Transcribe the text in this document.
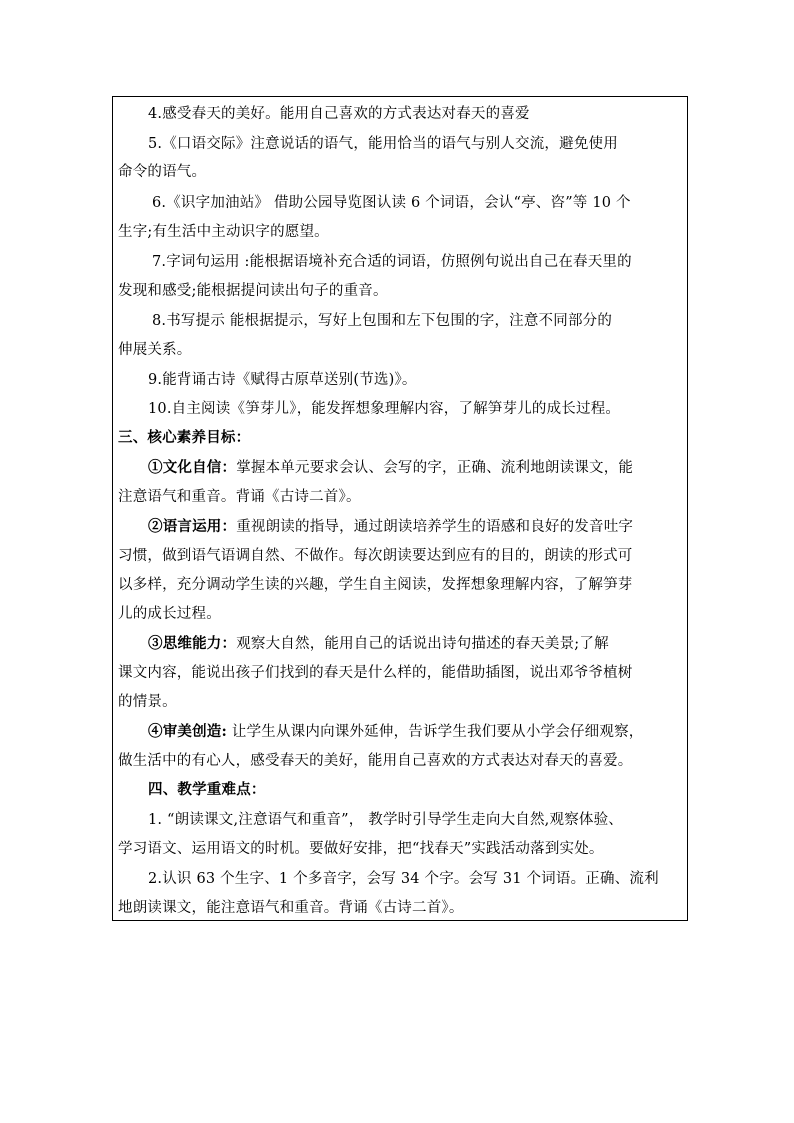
4.感受春天的美好。能用自己喜欢的方式表达对春天的喜爱
5.《口语交际》注意说话的语气，能用恰当的语气与别人交流，避免使用
命令的语气。
6.《识字加油站》 借助公园导览图认读 6 个词语，会认“亭、咨”等 10 个
生字;有生活中主动识字的愿望。
7.字词句运用 :能根据语境补充合适的词语，仿照例句说出自己在春天里的
发现和感受;能根据提问读出句子的重音。
8.书写提示 能根据提示，写好上包围和左下包围的字，注意不同部分的
伸展关系。
9.能背诵古诗《赋得古原草送别(节选)》。
10.自主阅读《笋芽儿》，能发挥想象理解内容，了解笋芽儿的成长过程。
三、核心素养目标：
①文化自信：掌握本单元要求会认、会写的字，正确、流利地朗读课文，能
注意语气和重音。背诵《古诗二首》。
②语言运用：重视朗读的指导，通过朗读培养学生的语感和良好的发音吐字
习惯，做到语气语调自然、不做作。每次朗读要达到应有的目的，朗读的形式可
以多样，充分调动学生读的兴趣，学生自主阅读，发挥想象理解内容，了解笋芽
儿的成长过程。
③思维能力：观察大自然，能用自己的话说出诗句描述的春天美景;了解
课文内容，能说出孩子们找到的春天是什么样的，能借助插图，说出邓爷爷植树
的情景。
④审美创造: 让学生从课内向课外延伸，告诉学生我们要从小学会仔细观察，
做生活中的有心人，感受春天的美好，能用自己喜欢的方式表达对春天的喜爱。
四、教学重难点：
1. “朗读课文,注意语气和重音”， 教学时引导学生走向大自然,观察体验、
学习语文、运用语文的时机。要做好安排，把“找春天”实践活动落到实处。
2.认识 63 个生字、1 个多音字，会写 34 个字。会写 31 个词语。正确、流利
地朗读课文，能注意语气和重音。背诵《古诗二首》。
